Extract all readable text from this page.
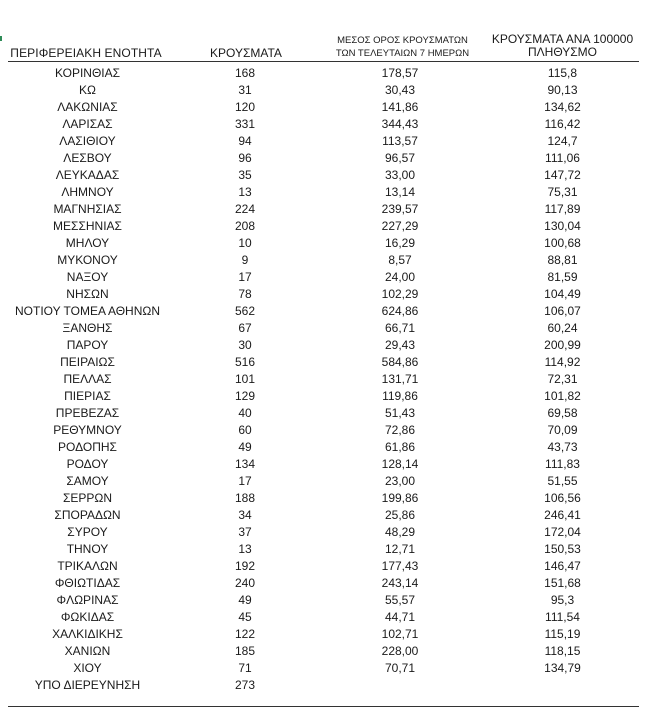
ΠΕΡΙΦΕΡΕΙΑΚΗ ΕΝΟΤΗΤΑ	ΚΡΟΥΣΜΑΤΑ
ΜΕΣΟΣ ΟΡΟΣ ΚΡΟΥΣΜΑΤΩΝ
ΤΩΝ ΤΕΛΕΥΤΑΙΩΝ 7 ΗΜΕΡΩΝ
ΚΡΟΥΣΜΑΤΑ ΑΝΑ 100000
ΠΛΗΘΥΣΜΟ
ΚΟΡΙΝΘΙΑΣ	168	178,57	115,8
ΚΩ	31	30,43	90,13
ΛΑΚΩΝΙΑΣ	120	141,86	134,62
ΛΑΡΙΣΑΣ	331	344,43	116,42
ΛΑΣΙΘΙΟΥ	94	113,57	124,7
ΛΕΣΒΟΥ	96	96,57	111,06
ΛΕΥΚΑΔΑΣ	35	33,00	147,72
ΛΗΜΝΟΥ	13	13,14	75,31
ΜΑΓΝΗΣΙΑΣ	224	239,57	117,89
ΜΕΣΣΗΝΙΑΣ	208	227,29	130,04
ΜΗΛΟΥ	10	16,29	100,68
ΜΥΚΟΝΟΥ	9	8,57	88,81
ΝΑΞΟΥ	17	24,00	81,59
ΝΗΣΩΝ	78	102,29	104,49
ΝΟΤΙΟΥ ΤΟΜΕΑ ΑΘΗΝΩΝ	562	624,86	106,07
ΞΑΝΘΗΣ	67	66,71	60,24
ΠΑΡΟΥ	30	29,43	200,99
ΠΕΙΡΑΙΩΣ	516	584,86	114,92
ΠΕΛΛΑΣ	101	131,71	72,31
ΠΙΕΡΙΑΣ	129	119,86	101,82
ΠΡΕΒΕΖΑΣ	40	51,43	69,58
ΡΕΘΥΜΝΟΥ	60	72,86	70,09
ΡΟΔΟΠΗΣ	49	61,86	43,73
ΡΟΔΟΥ	134	128,14	111,83
ΣΑΜΟΥ	17	23,00	51,55
ΣΕΡΡΩΝ	188	199,86	106,56
ΣΠΟΡΑΔΩΝ	34	25,86	246,41
ΣΥΡΟΥ	37	48,29	172,04
ΤΗΝΟΥ	13	12,71	150,53
ΤΡΙΚΑΛΩΝ	192	177,43	146,47
ΦΘΙΩΤΙΔΑΣ	240	243,14	151,68
ΦΛΩΡΙΝΑΣ	49	55,57	95,3
ΦΩΚΙΔΑΣ	45	44,71	111,54
ΧΑΛΚΙΔΙΚΗΣ	122	102,71	115,19
ΧΑΝΙΩΝ	185	228,00	118,15
ΧΙΟΥ	71	70,71	134,79
ΥΠΟ ΔΙΕΡΕΥΝΗΣΗ	273
